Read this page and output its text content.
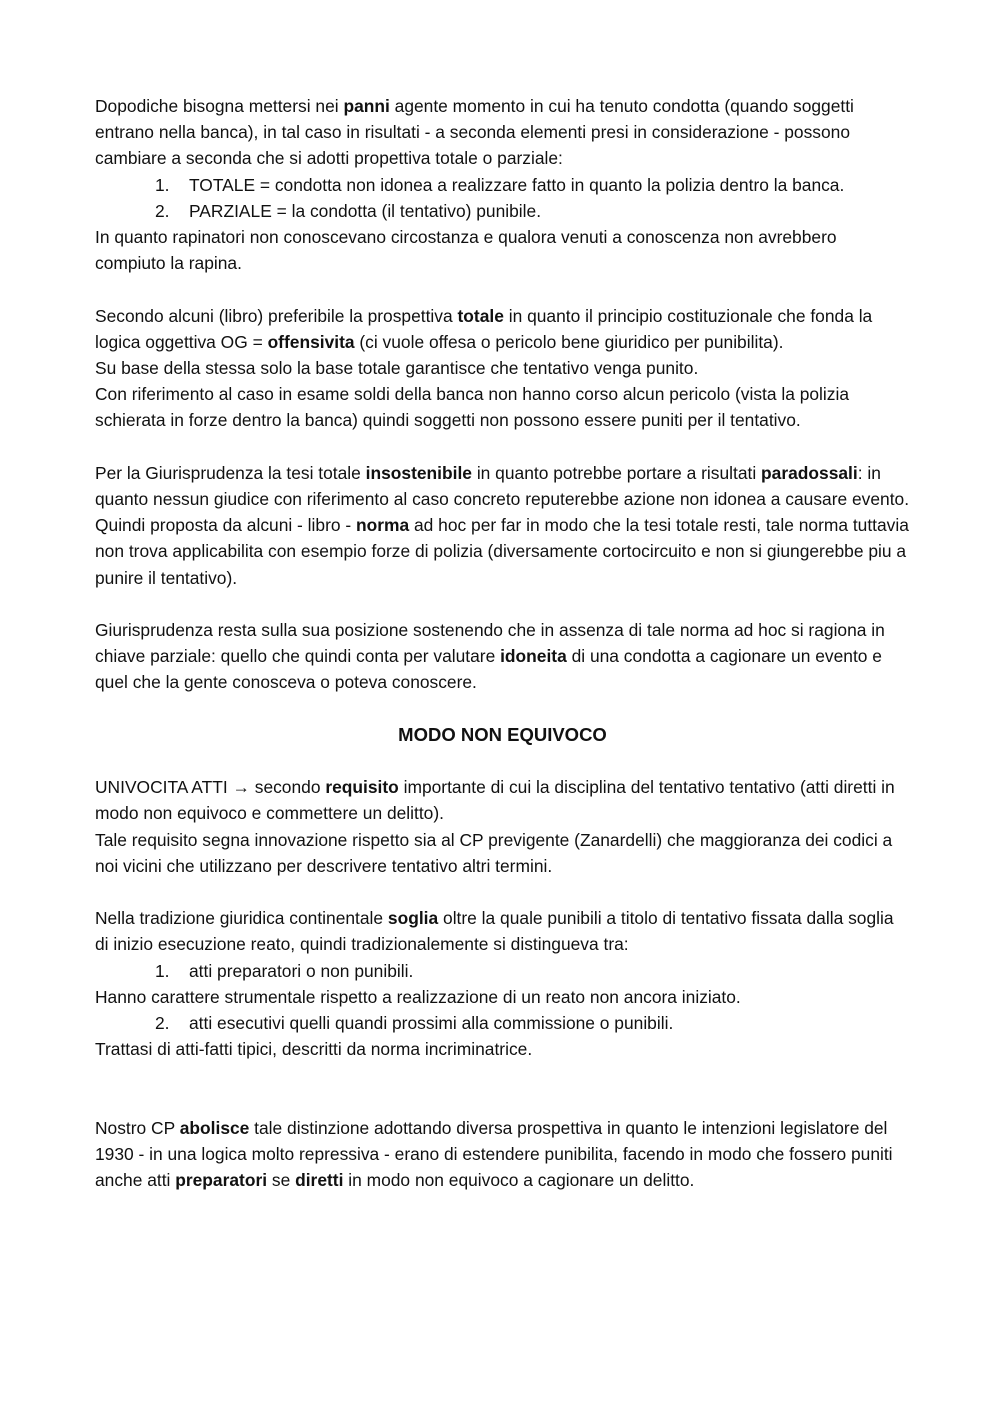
Dopodiche bisogna mettersi nei panni agente momento in cui ha tenuto condotta (quando soggetti entrano nella banca), in tal caso in risultati - a seconda elementi presi in considerazione - possono cambiare a seconda che si adotti propettiva totale o parziale:

1.	TOTALE = condotta non idonea a realizzare fatto in quanto la polizia dentro la banca.
2.	PARZIALE = la condotta (il tentativo) punibile.

In quanto rapinatori non conoscevano circostanza e qualora venuti a conoscenza non avrebbero compiuto la rapina.

Secondo alcuni (libro) preferibile la prospettiva totale in quanto il principio costituzionale che fonda la logica oggettiva OG = offensivita (ci vuole offesa o pericolo bene giuridico per punibilita).

Su base della stessa solo la base totale garantisce che tentativo venga punito.

Con riferimento al caso in esame soldi della banca non hanno corso alcun pericolo (vista la polizia schierata in forze dentro la banca) quindi soggetti non possono essere puniti per il tentativo.

Per la Giurisprudenza la tesi totale insostenibile in quanto potrebbe portare a risultati paradossali: in quanto nessun giudice con riferimento al caso concreto reputerebbe azione non idonea a causare evento. Quindi proposta da alcuni - libro - norma ad hoc per far in modo che la tesi totale resti, tale norma tuttavia non trova applicabilita con esempio forze di polizia (diversamente cortocircuito e non si giungerebbe piu a punire il tentativo).

Giurisprudenza resta sulla sua posizione sostenendo che in assenza di tale norma ad hoc si ragiona in chiave parziale: quello che quindi conta per valutare idoneita di una condotta a cagionare un evento e quel che la gente conosceva o poteva conoscere.

MODO NON EQUIVOCO

UNIVOCITA ATTI → secondo requisito importante di cui la disciplina del tentativo tentativo (atti diretti in modo non equivoco e commettere un delitto).

Tale requisito segna innovazione rispetto sia al CP previgente (Zanardelli) che maggioranza dei codici a noi vicini che utilizzano per descrivere tentativo altri termini.

Nella tradizione giuridica continentale soglia oltre la quale punibili a titolo di tentativo fissata dalla soglia di inizio esecuzione reato, quindi tradizionalemente si distingueva tra:

1.	atti preparatori o non punibili.

Hanno carattere strumentale rispetto a realizzazione di un reato non ancora iniziato.

2.	atti esecutivi quelli quandi prossimi alla commissione o punibili.

Trattasi di atti-fatti tipici, descritti da norma incriminatrice.

Nostro CP abolisce tale distinzione adottando diversa prospettiva in quanto le intenzioni legislatore del 1930 - in una logica molto repressiva - erano di estendere punibilita, facendo in modo che fossero puniti anche atti preparatori se diretti in modo non equivoco a cagionare un delitto.
